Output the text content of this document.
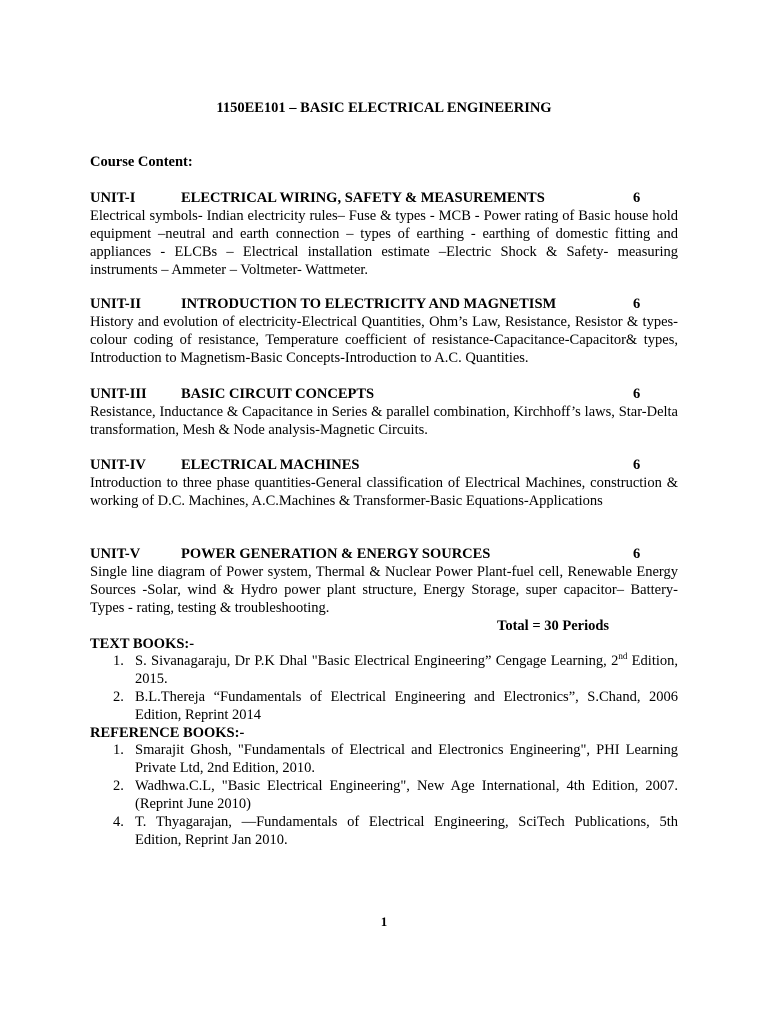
1150EE101 – BASIC ELECTRICAL ENGINEERING
Course Content:
UNIT-I	ELECTRICAL WIRING, SAFETY & MEASUREMENTS	6
Electrical symbols- Indian electricity rules– Fuse & types - MCB - Power rating of Basic house hold equipment –neutral and earth connection – types of earthing - earthing of domestic fitting and appliances - ELCBs – Electrical installation estimate –Electric Shock & Safety- measuring instruments – Ammeter – Voltmeter- Wattmeter.
UNIT-II	INTRODUCTION TO ELECTRICITY AND MAGNETISM	6
History and evolution of electricity-Electrical Quantities, Ohm’s Law, Resistance, Resistor & types-colour coding of resistance, Temperature coefficient of resistance-Capacitance-Capacitor& types, Introduction to Magnetism-Basic Concepts-Introduction to A.C. Quantities.
UNIT-III BASIC CIRCUIT CONCEPTS	6
Resistance, Inductance & Capacitance in Series & parallel combination, Kirchhoff’s laws, Star-Delta transformation, Mesh & Node analysis-Magnetic Circuits.
UNIT-IV ELECTRICAL MACHINES	6
Introduction to three phase quantities-General classification of Electrical Machines, construction & working of D.C. Machines, A.C.Machines & Transformer-Basic Equations-Applications
UNIT-V	POWER GENERATION & ENERGY SOURCES	6
Single line diagram of Power system, Thermal & Nuclear Power Plant-fuel cell, Renewable Energy Sources -Solar, wind & Hydro power plant structure, Energy Storage, super capacitor– Battery-Types - rating, testing & troubleshooting.
Total = 30 Periods
TEXT BOOKS:-
1. S. Sivanagaraju, Dr P.K Dhal "Basic Electrical Engineering” Cengage Learning, 2nd Edition, 2015.
2. B.L.Thereja “Fundamentals of Electrical Engineering and Electronics”, S.Chand, 2006 Edition, Reprint 2014
REFERENCE BOOKS:-
1. Smarajit Ghosh, "Fundamentals of Electrical and Electronics Engineering", PHI Learning Private Ltd, 2nd Edition, 2010.
2. Wadhwa.C.L, "Basic Electrical Engineering", New Age International, 4th Edition, 2007. (Reprint June 2010)
4. T. Thyagarajan, —Fundamentals of Electrical Engineering, SciTech Publications, 5th Edition, Reprint Jan 2010.
1
